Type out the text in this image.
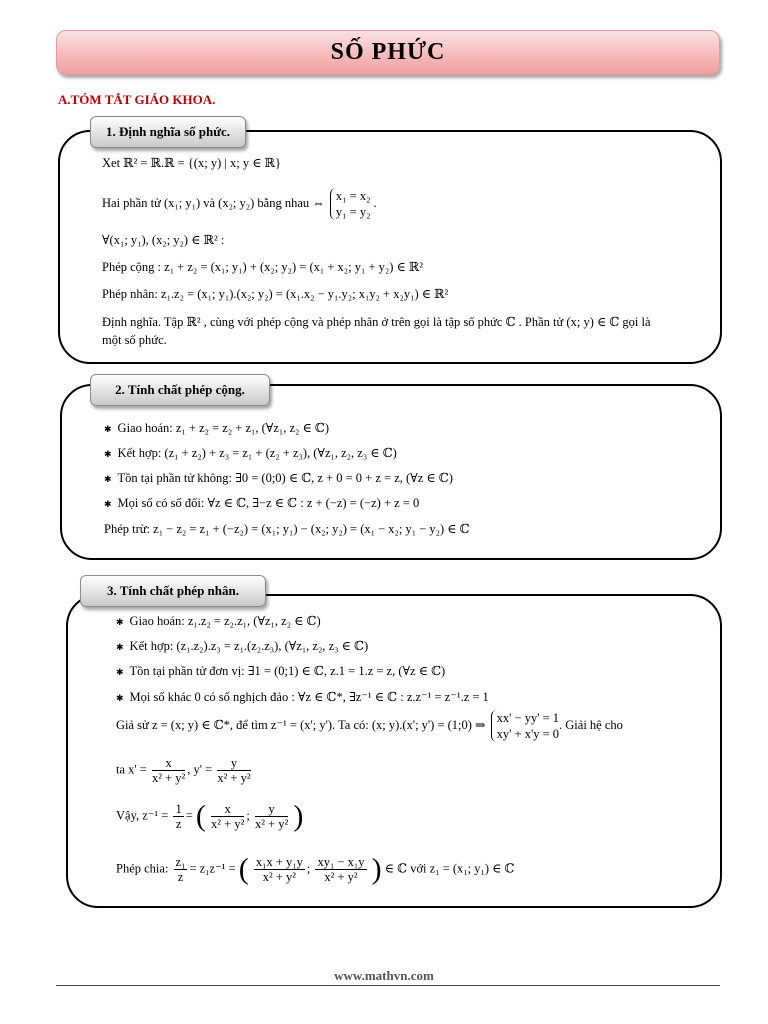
SỐ PHỨC
A.TÓM TẮT GIÁO KHOA.
1. Định nghĩa số phức.
Xet ℝ² = ℝ.ℝ = {(x; y) | x; y ∈ ℝ}
Hai phần tử (x₁; y₁) và (x₂; y₂) bằng nhau ⇔ x₁ = x₂
y₁ = y₂ .
∀(x₁; y₁), (x₂; y₂) ∈ ℝ² :
Phép cộng : z₁ + z₂ = (x₁; y₁) + (x₂; y₂) = (x₁ + x₂; y₁ + y₂) ∈ ℝ²
Phép nhân: z₁.z₂ = (x₁; y₁).(x₂; y₂) = (x₁.x₂ − y₁.y₂; x₁y₂ + x₂y₁) ∈ ℝ²
Định nghĩa. Tập ℝ² , cùng với phép cộng và phép nhân ở trên gọi là tập số phức ℂ . Phần tử (x; y) ∈ ℂ gọi là
một số phức.
2. Tính chất phép cộng.
✱ Giao hoán: z₁ + z₂ = z₂ + z₁, (∀z₁, z₂ ∈ ℂ)
✱ Kết hợp: (z₁ + z₂) + z₃ = z₁ + (z₂ + z₃), (∀z₁, z₂, z₃ ∈ ℂ)
✱ Tồn tại phần tử không: ∃0 = (0;0) ∈ ℂ, z + 0 = 0 + z = z, (∀z ∈ ℂ)
✱ Mọi số có số đối: ∀z ∈ ℂ, ∃−z ∈ ℂ : z + (−z) = (−z) + z = 0
Phép trừ: z₁ − z₂ = z₁ + (−z₂) = (x₁; y₁) − (x₂; y₂) = (x₁ − x₂; y₁ − y₂) ∈ ℂ
3. Tính chất phép nhân.
✱ Giao hoán: z₁.z₂ = z₂.z₁, (∀z₁, z₂ ∈ ℂ)
✱ Kết hợp: (z₁.z₂).z₃ = z₁.(z₂.z₃), (∀z₁, z₂, z₃ ∈ ℂ)
✱ Tồn tại phần tử đơn vị: ∃1 = (0;1) ∈ ℂ, z.1 = 1.z = z, (∀z ∈ ℂ)
✱ Mọi số khác 0 có số nghịch đảo : ∀z ∈ ℂ*, ∃z⁻¹ ∈ ℂ : z.z⁻¹ = z⁻¹.z = 1
Giả sử z = (x; y) ∈ ℂ*, để tìm z⁻¹ = (x'; y'). Ta có: (x; y).(x'; y') = (1;0) ⇒ xx' − yy' = 1
xy' + x'y = 0. Giải hệ cho
ta $x' = \frac{x}{\text{x² + y²}}$ , $y' = \frac{y}{\text{x² + y²}}$
Vậy, $z^{-1} = \frac{1}{z}$ = ( $\frac{x}{\text{x² + y²}}$ ; $\frac{y}{\text{x² + y²}}$ )
Phép chia: $\frac{\text{z₁}}{z} = z_1z^{-1}$ = ( $\frac{\text{x₁x + y₁y}}{\text{x² + y²}}$ ; $\frac{\text{xy₁ − x₁y}}{\text{x² + y²}}$ ) ∈ ℂ với z₁ = (x₁; y₁) ∈ ℂ
www.mathvn.com
